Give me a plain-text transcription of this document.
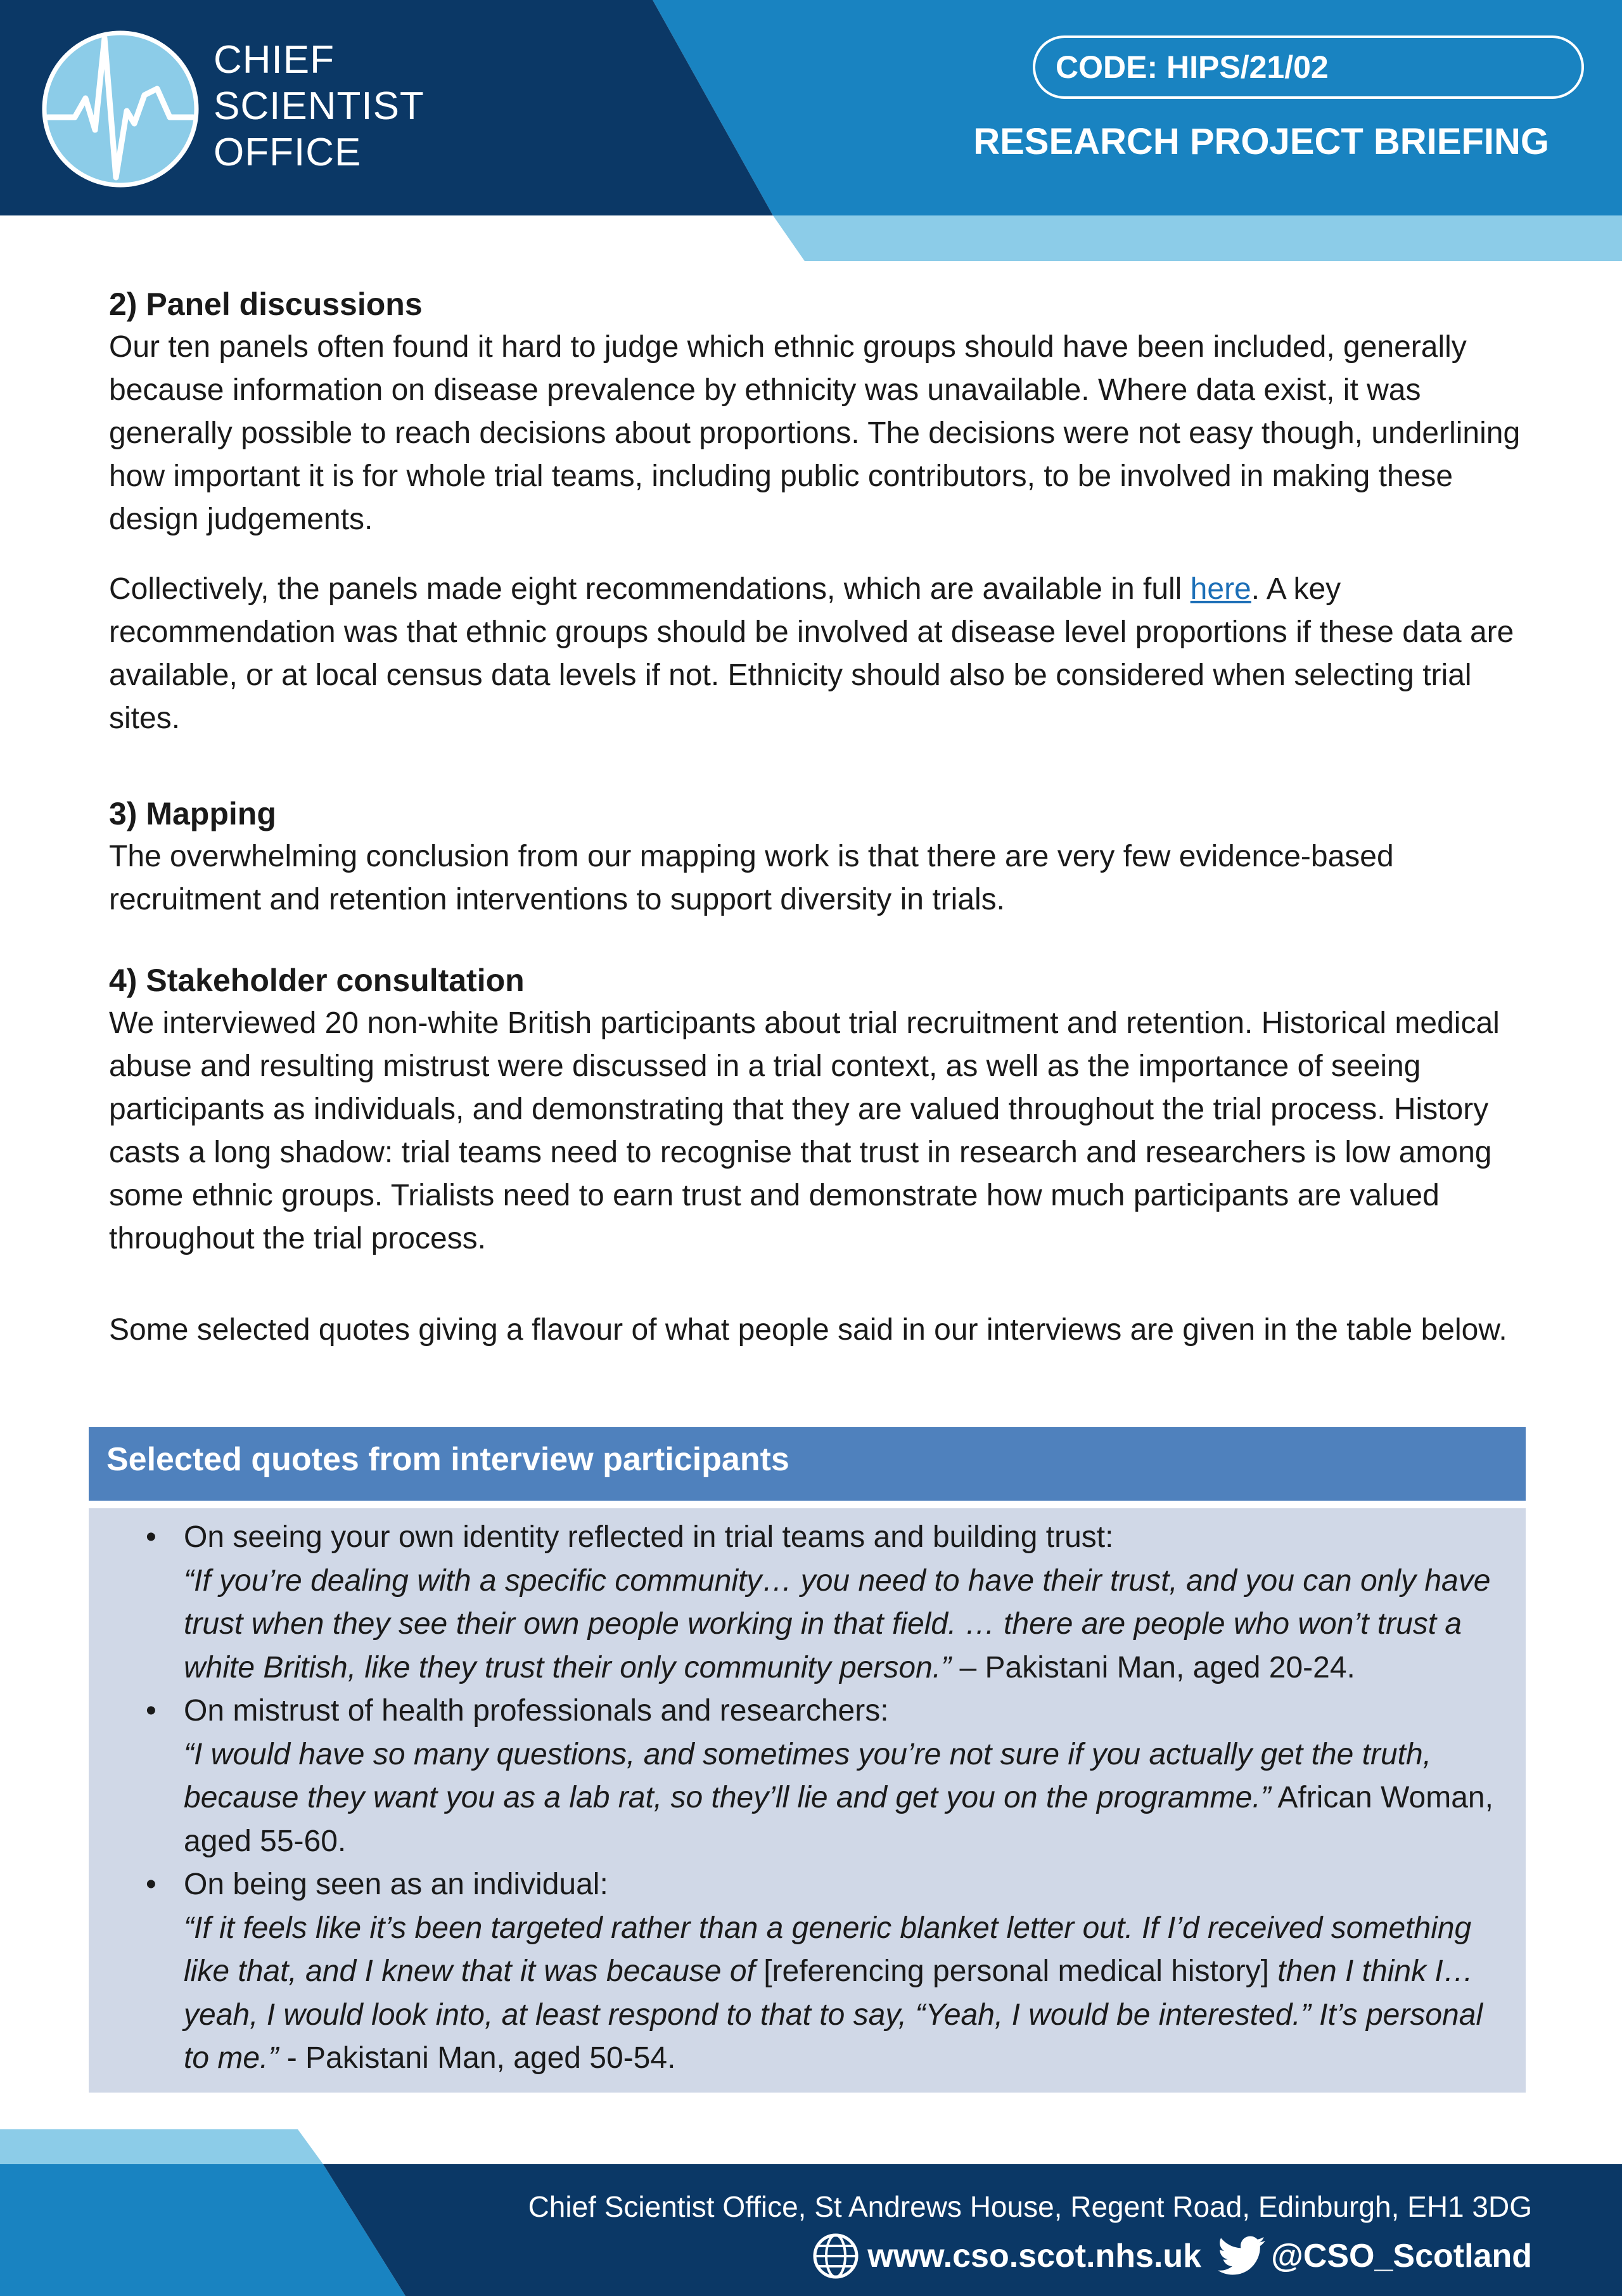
CHIEF
SCIENTIST
OFFICE
CODE: HIPS/21/02
RESEARCH PROJECT BRIEFING

2) Panel discussions

Our ten panels often found it hard to judge which ethnic groups should have been included, generally because information on disease prevalence by ethnicity was unavailable. Where data exist, it was generally possible to reach decisions about proportions. The decisions were not easy though, underlining how important it is for whole trial teams, including public contributors, to be involved in making these design judgements.

Collectively, the panels made eight recommendations, which are available in full here. A key recommendation was that ethnic groups should be involved at disease level proportions if these data are available, or at local census data levels if not. Ethnicity should also be considered when selecting trial sites.

3) Mapping

The overwhelming conclusion from our mapping work is that there are very few evidence-based recruitment and retention interventions to support diversity in trials.

4) Stakeholder consultation

We interviewed 20 non-white British participants about trial recruitment and retention. Historical medical abuse and resulting mistrust were discussed in a trial context, as well as the importance of seeing participants as individuals, and demonstrating that they are valued throughout the trial process. History casts a long shadow: trial teams need to recognise that trust in research and researchers is low among some ethnic groups. Trialists need to earn trust and demonstrate how much participants are valued throughout the trial process.

Some selected quotes giving a flavour of what people said in our interviews are given in the table below.

Selected quotes from interview participants
• On seeing your own identity reflected in trial teams and building trust:
“If you’re dealing with a specific community… you need to have their trust, and you can only have trust when they see their own people working in that field. … there are people who won’t trust a white British, like they trust their only community person.” – Pakistani Man, aged 20-24.
• On mistrust of health professionals and researchers:
“I would have so many questions, and sometimes you’re not sure if you actually get the truth, because they want you as a lab rat, so they’ll lie and get you on the programme.” African Woman, aged 55-60.
• On being seen as an individual:
“If it feels like it’s been targeted rather than a generic blanket letter out. If I’d received something like that, and I knew that it was because of [referencing personal medical history] then I think I… yeah, I would look into, at least respond to that to say, “Yeah, I would be interested.” It’s personal to me.” - Pakistani Man, aged 50-54.
Chief Scientist Office, St Andrews House, Regent Road, Edinburgh, EH1 3DG
www.cso.scot.nhs.uk @CSO_Scotland
